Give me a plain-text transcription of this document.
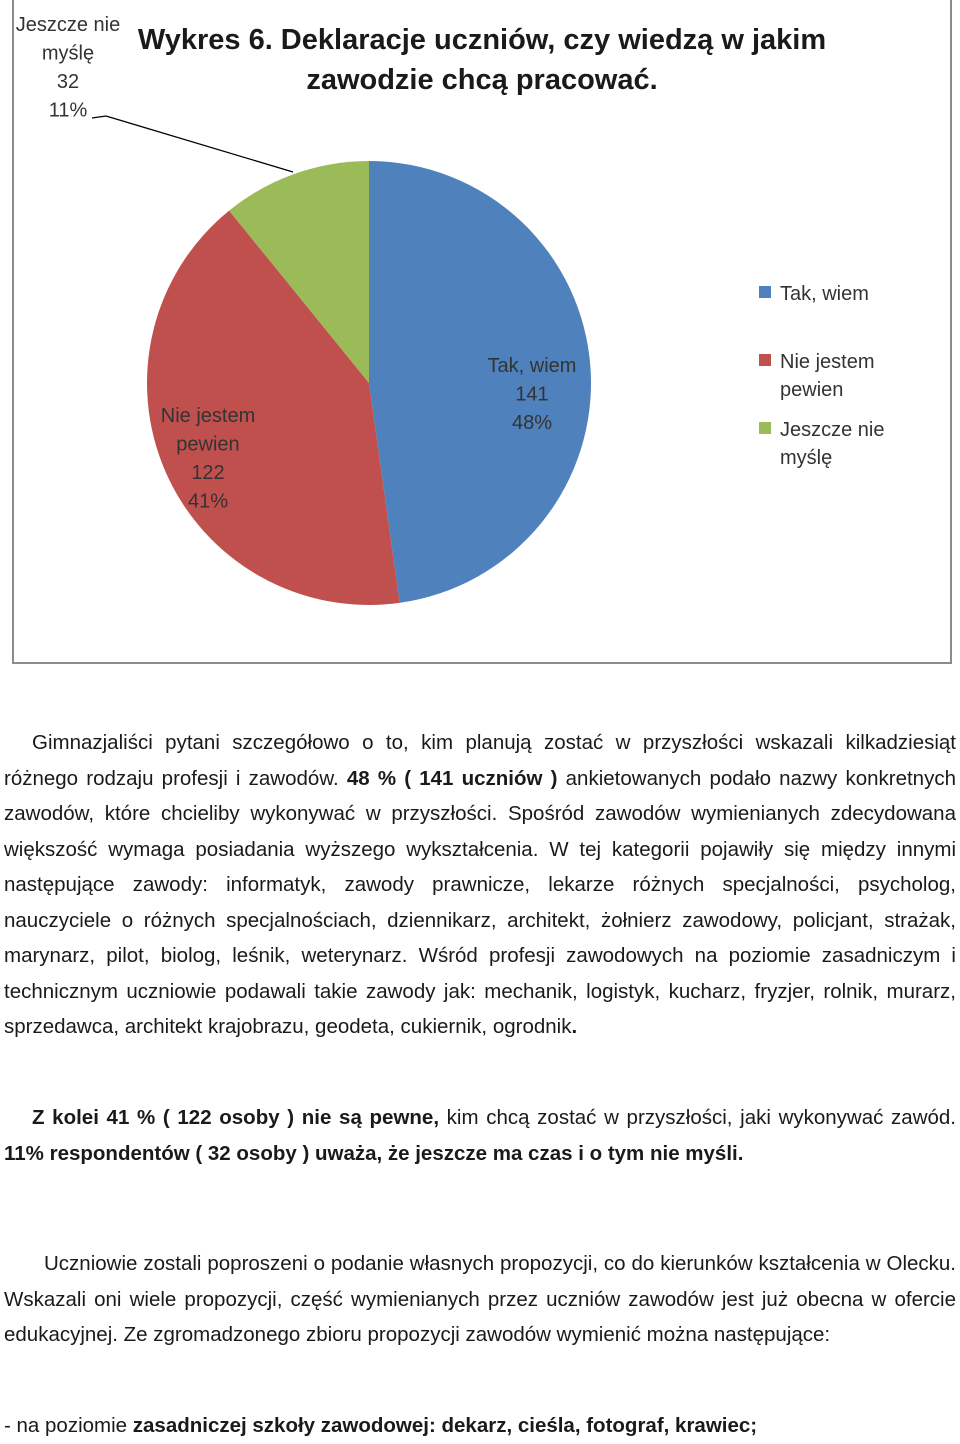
Tak, wiem
141
48%
Nie jestem
pewien
122
41%
Jeszcze nie
myślę
32
11%
Tak, wiem
Nie jestem
pewien
Jeszcze nie
myślę
Wykres 6. Deklaracje uczniów, czy wiedzą w jakim
zawodzie chcą pracować.
Gimnazjaliści pytani szczegółowo o to, kim planują zostać w przyszłości wskazali kilkadziesiąt różnego rodzaju profesji i zawodów. 48 % ( 141 uczniów ) ankietowanych podało nazwy konkretnych zawodów, które chcieliby wykonywać w przyszłości. Spośród zawodów wymienianych zdecydowana większość wymaga posiadania wyższego wykształcenia. W tej kategorii pojawiły się między innymi następujące zawody: informatyk, zawody prawnicze, lekarze różnych specjalności, psycholog, nauczyciele o różnych specjalnościach, dziennikarz, architekt, żołnierz zawodowy, policjant, strażak, marynarz, pilot, biolog, leśnik, weterynarz. Wśród profesji zawodowych na poziomie zasadniczym i technicznym uczniowie podawali takie zawody jak: mechanik, logistyk, kucharz, fryzjer, rolnik, murarz, sprzedawca, architekt krajobrazu, geodeta, cukiernik, ogrodnik.
Z kolei 41 % ( 122 osoby ) nie są pewne, kim chcą zostać w przyszłości, jaki wykonywać zawód. 11% respondentów ( 32 osoby ) uważa, że jeszcze ma czas i o tym nie myśli.
Uczniowie zostali poproszeni o podanie własnych propozycji, co do kierunków kształcenia w Olecku. Wskazali oni wiele propozycji, część wymienianych przez uczniów zawodów jest już obecna w ofercie edukacyjnej. Ze zgromadzonego zbioru propozycji zawodów wymienić można następujące:
- na poziomie zasadniczej szkoły zawodowej: dekarz, cieśla, fotograf, krawiec;
